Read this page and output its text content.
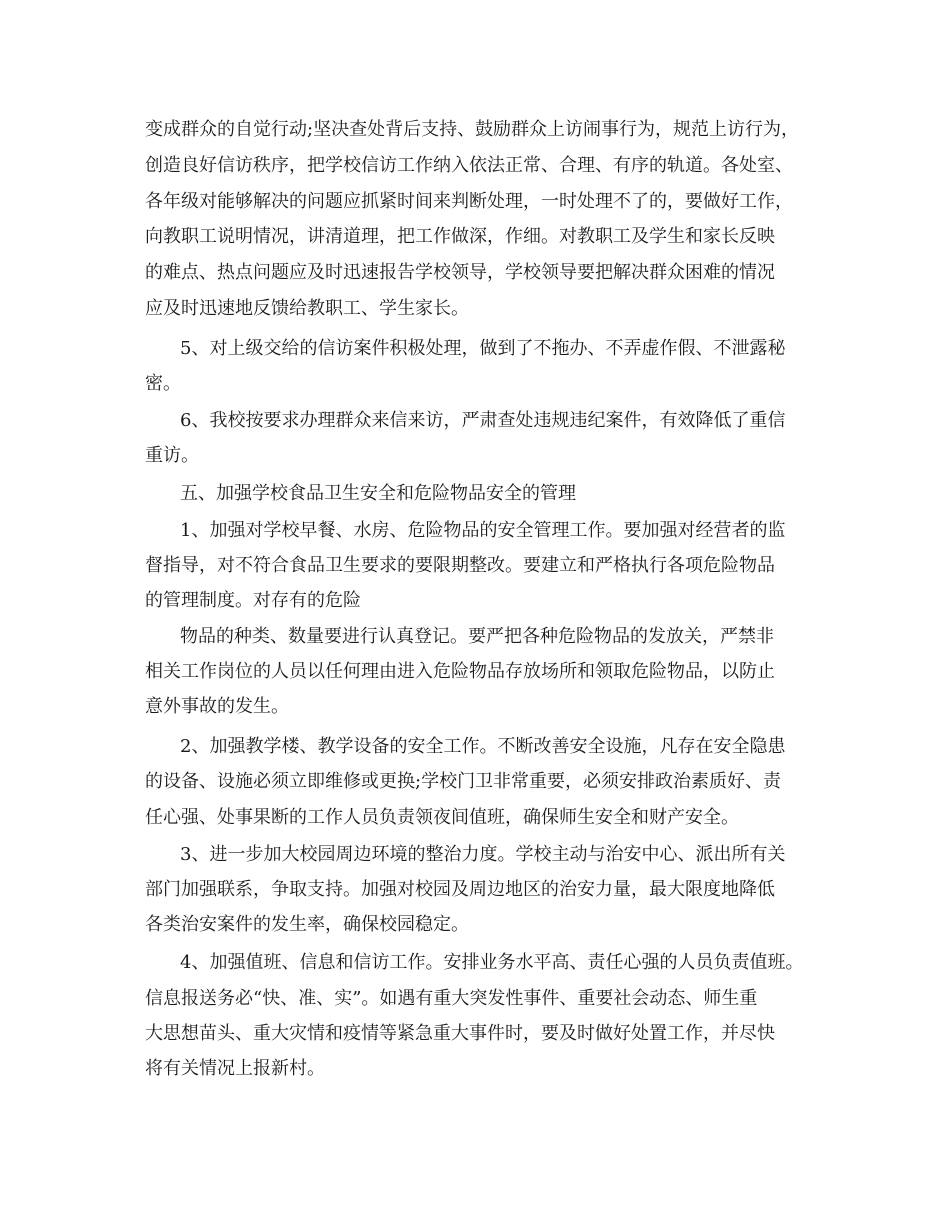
变成群众的自觉行动;坚决查处背后支持、鼓励群众上访闹事行为，规范上访行为，

创造良好信访秩序，把学校信访工作纳入依法正常、合理、有序的轨道。各处室、

各年级对能够解决的问题应抓紧时间来判断处理，一时处理不了的，要做好工作，

向教职工说明情况，讲清道理，把工作做深，作细。对教职工及学生和家长反映

的难点、热点问题应及时迅速报告学校领导，学校领导要把解决群众困难的情况

应及时迅速地反馈给教职工、学生家长。

5、对上级交给的信访案件积极处理，做到了不拖办、不弄虚作假、不泄露秘

密。

6、我校按要求办理群众来信来访，严肃查处违规违纪案件，有效降低了重信

重访。

五、加强学校食品卫生安全和危险物品安全的管理

1、加强对学校早餐、水房、危险物品的安全管理工作。要加强对经营者的监

督指导，对不符合食品卫生要求的要限期整改。要建立和严格执行各项危险物品

的管理制度。对存有的危险

物品的种类、数量要进行认真登记。要严把各种危险物品的发放关，严禁非

相关工作岗位的人员以任何理由进入危险物品存放场所和领取危险物品，以防止

意外事故的发生。

2、加强教学楼、教学设备的安全工作。不断改善安全设施，凡存在安全隐患

的设备、设施必须立即维修或更换;学校门卫非常重要，必须安排政治素质好、责

任心强、处事果断的工作人员负责领夜间值班，确保师生安全和财产安全。

3、进一步加大校园周边环境的整治力度。学校主动与治安中心、派出所有关

部门加强联系，争取支持。加强对校园及周边地区的治安力量，最大限度地降低

各类治安案件的发生率，确保校园稳定。

4、加强值班、信息和信访工作。安排业务水平高、责任心强的人员负责值班。

信息报送务必“快、准、实”。如遇有重大突发性事件、重要社会动态、师生重

大思想苗头、重大灾情和疫情等紧急重大事件时，要及时做好处置工作，并尽快

将有关情况上报新村。
